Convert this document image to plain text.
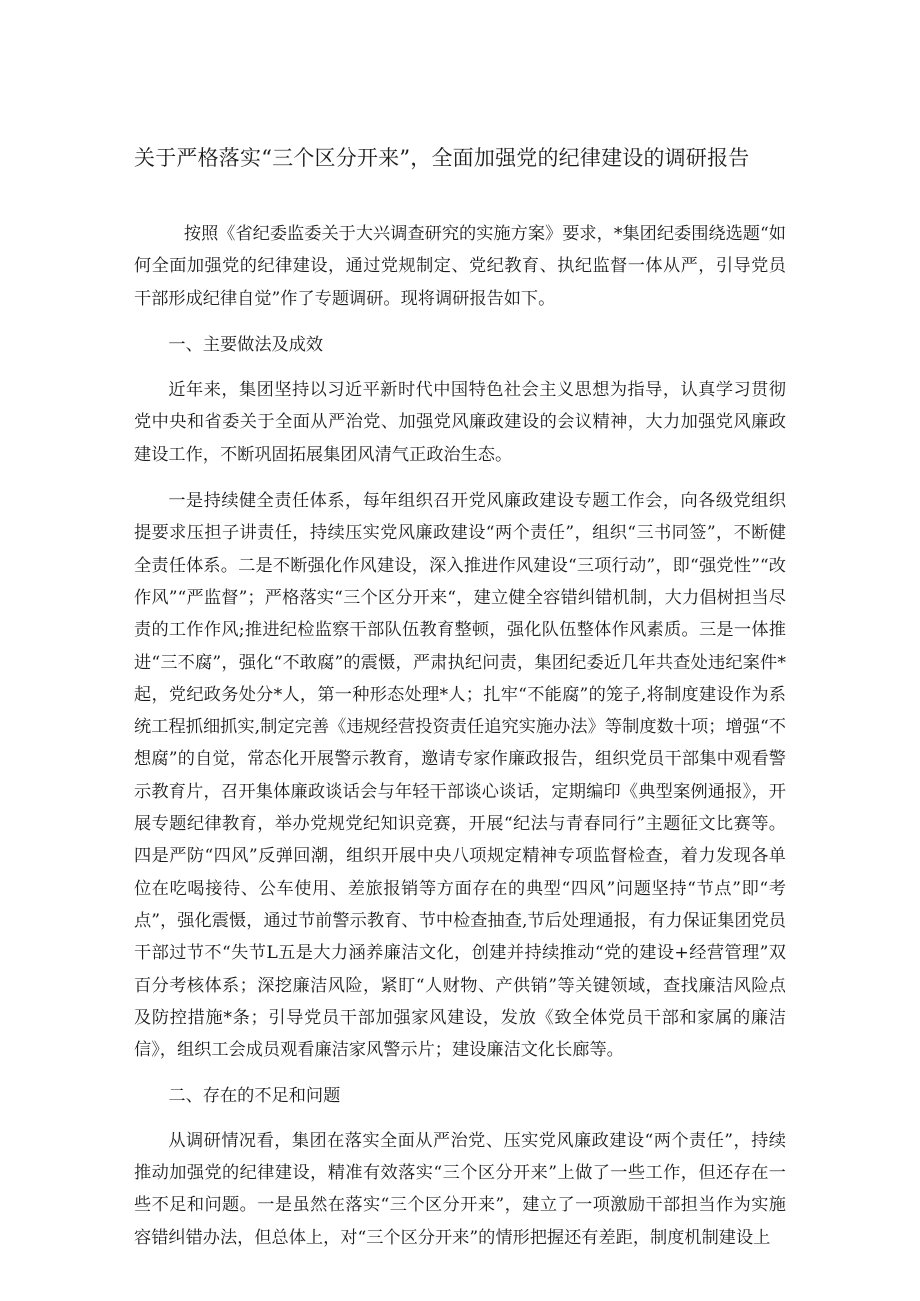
关于严格落实“三个区分开来”，全面加强党的纪律建设的调研报告

按照《省纪委监委关于大兴调查研究的实施方案》要求，*集团纪委围绕选题“如何全面加强党的纪律建设，通过党规制定、党纪教育、执纪监督一体从严，引导党员干部形成纪律自觉”作了专题调研。现将调研报告如下。

一、主要做法及成效

近年来，集团坚持以习近平新时代中国特色社会主义思想为指导，认真学习贯彻党中央和省委关于全面从严治党、加强党风廉政建设的会议精神，大力加强党风廉政建设工作，不断巩固拓展集团风清气正政治生态。

一是持续健全责任体系，每年组织召开党风廉政建设专题工作会，向各级党组织提要求压担子讲责任，持续压实党风廉政建设“两个责任”，组织“三书同签”，不断健全责任体系。二是不断强化作风建设，深入推进作风建设“三项行动”，即“强党性”“改作风”“严监督”；严格落实“三个区分开来“，建立健全容错纠错机制，大力倡树担当尽责的工作作风;推进纪检监察干部队伍教育整顿，强化队伍整体作风素质。三是一体推进“三不腐”，强化“不敢腐”的震慑，严肃执纪问责，集团纪委近几年共查处违纪案件*起，党纪政务处分*人，第一种形态处理*人；扎牢“不能腐”的笼子,将制度建设作为系统工程抓细抓实,制定完善《违规经营投资责任追究实施办法》等制度数十项；增强“不想腐”的自觉，常态化开展警示教育，邀请专家作廉政报告，组织党员干部集中观看警示教育片，召开集体廉政谈话会与年轻干部谈心谈话，定期编印《典型案例通报》，开展专题纪律教育，举办党规党纪知识竞赛，开展“纪法与青春同行”主题征文比赛等。四是严防“四风”反弹回潮，组织开展中央八项规定精神专项监督检查，着力发现各单位在吃喝接待、公车使用、差旅报销等方面存在的典型“四风”问题坚持“节点”即“考点”，强化震慑，通过节前警示教育、节中检查抽查,节后处理通报，有力保证集团党员干部过节不“失节L五是大力涵养廉洁文化，创建并持续推动“党的建设+经营管理”双百分考核体系；深挖廉洁风险，紧盯“人财物、产供销”等关键领域，查找廉洁风险点及防控措施*条；引导党员干部加强家风建设，发放《致全体党员干部和家属的廉洁信》，组织工会成员观看廉洁家风警示片；建设廉洁文化长廊等。

二、存在的不足和问题

从调研情况看，集团在落实全面从严治党、压实党风廉政建设“两个责任”，持续推动加强党的纪律建设，精准有效落实“三个区分开来”上做了一些工作，但还存在一些不足和问题。一是虽然在落实“三个区分开来”，建立了一项激励干部担当作为实施容错纠错办法，但总体上，对“三个区分开来”的情形把握还有差距，制度机制建设上
